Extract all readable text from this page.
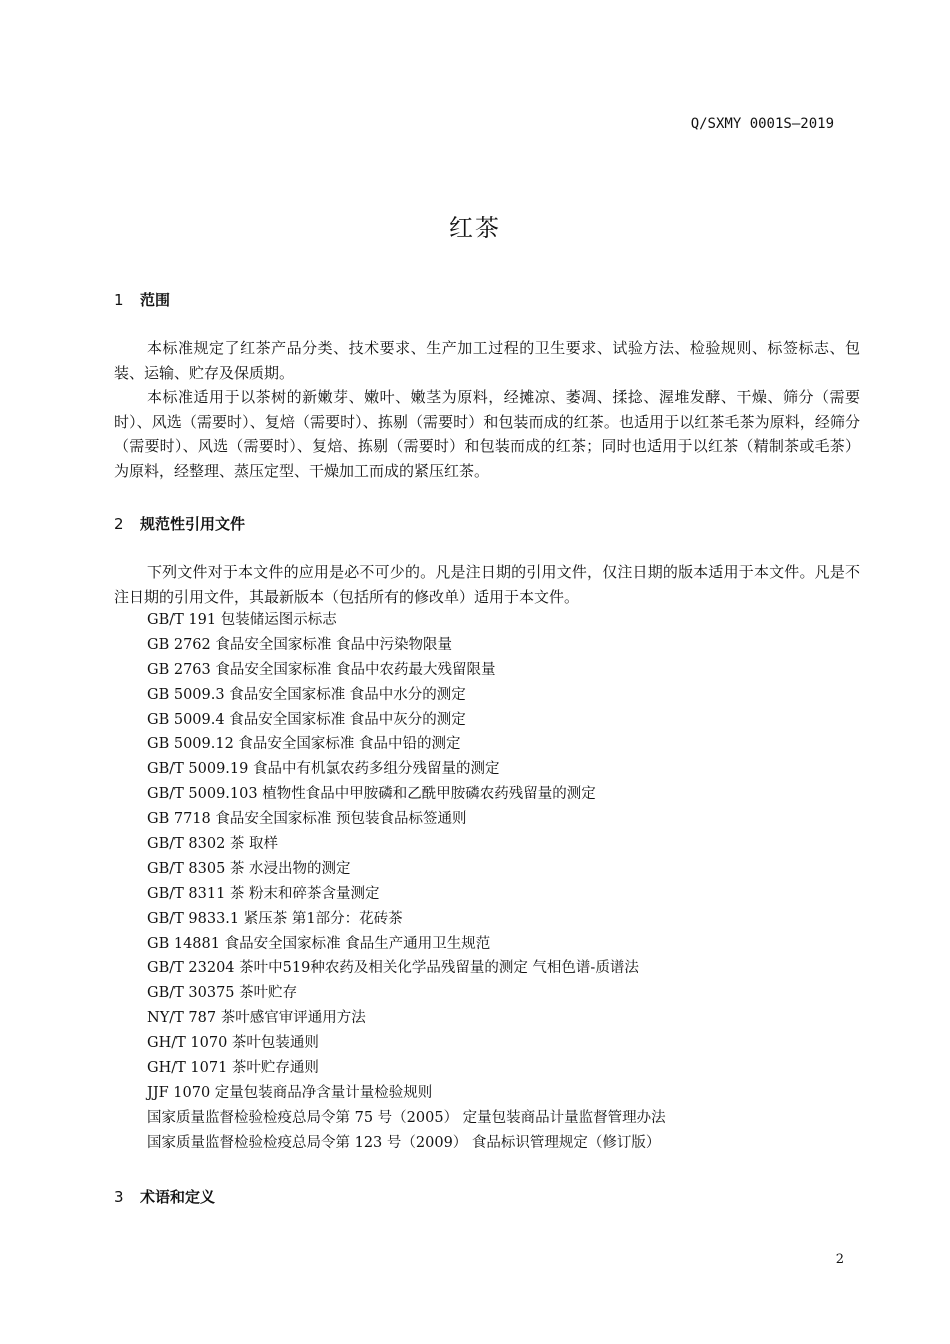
Q/SXMY 0001S—2019
红茶
1 范围
本标准规定了红茶产品分类、技术要求、生产加工过程的卫生要求、试验方法、检验规则、标签标志、包装、运输、贮存及保质期。
本标准适用于以茶树的新嫩芽、嫩叶、嫩茎为原料，经摊凉、萎凋、揉捻、渥堆发酵、干燥、筛分（需要时）、风选（需要时）、复焙（需要时）、拣剔（需要时）和包装而成的红茶。也适用于以红茶毛茶为原料，经筛分（需要时）、风选（需要时）、复焙、拣剔（需要时）和包装而成的红茶；同时也适用于以红茶（精制茶或毛茶）为原料，经整理、蒸压定型、干燥加工而成的紧压红茶。
2 规范性引用文件
下列文件对于本文件的应用是必不可少的。凡是注日期的引用文件，仅注日期的版本适用于本文件。凡是不注日期的引用文件，其最新版本（包括所有的修改单）适用于本文件。
GB/T 191 包装储运图示标志
GB 2762 食品安全国家标准 食品中污染物限量
GB 2763 食品安全国家标准 食品中农药最大残留限量
GB 5009.3 食品安全国家标准 食品中水分的测定
GB 5009.4 食品安全国家标准 食品中灰分的测定
GB 5009.12 食品安全国家标准 食品中铅的测定
GB/T 5009.19 食品中有机氯农药多组分残留量的测定
GB/T 5009.103 植物性食品中甲胺磷和乙酰甲胺磷农药残留量的测定
GB 7718 食品安全国家标准 预包装食品标签通则
GB/T 8302 茶 取样
GB/T 8305 茶 水浸出物的测定
GB/T 8311 茶 粉末和碎茶含量测定
GB/T 9833.1 紧压茶 第1部分：花砖茶
GB 14881 食品安全国家标准 食品生产通用卫生规范
GB/T 23204 茶叶中519种农药及相关化学品残留量的测定 气相色谱-质谱法
GB/T 30375 茶叶贮存
NY/T 787 茶叶感官审评通用方法
GH/T 1070 茶叶包装通则
GH/T 1071 茶叶贮存通则
JJF 1070 定量包装商品净含量计量检验规则
国家质量监督检验检疫总局令第 75 号（2005） 定量包装商品计量监督管理办法
国家质量监督检验检疫总局令第 123 号（2009） 食品标识管理规定（修订版）
3 术语和定义
2
